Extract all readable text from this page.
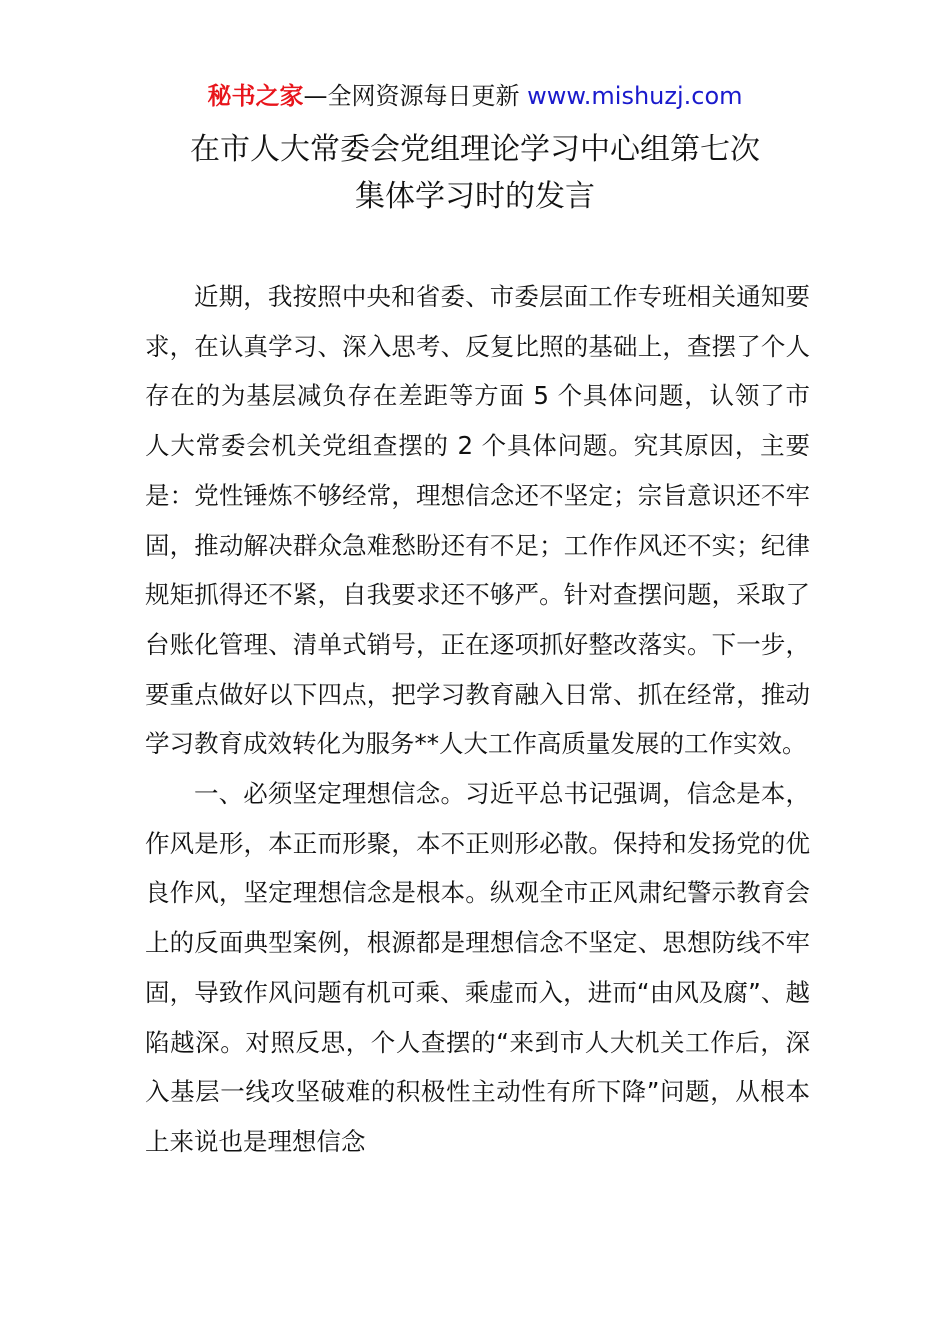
秘书之家—全网资源每日更新 www.mishuzj.com
在市人大常委会党组理论学习中心组第七次
集体学习时的发言

近期，我按照中央和省委、市委层面工作专班相关通知要求，在认真学习、深入思考、反复比照的基础上，查摆了个人存在的为基层减负存在差距等方面 5 个具体问题，认领了市人大常委会机关党组查摆的 2 个具体问题。究其原因，主要是：党性锤炼不够经常，理想信念还不坚定；宗旨意识还不牢固，推动解决群众急难愁盼还有不足；工作作风还不实；纪律规矩抓得还不紧，自我要求还不够严。针对查摆问题，采取了台账化管理、清单式销号，正在逐项抓好整改落实。下一步，要重点做好以下四点，把学习教育融入日常、抓在经常，推动学习教育成效转化为服务**人大工作高质量发展的工作实效。

一、必须坚定理想信念。习近平总书记强调，信念是本，作风是形，本正而形聚，本不正则形必散。保持和发扬党的优良作风，坚定理想信念是根本。纵观全市正风肃纪警示教育会上的反面典型案例，根源都是理想信念不坚定、思想防线不牢固，导致作风问题有机可乘、乘虚而入，进而“由风及腐”、越陷越深。对照反思，个人查摆的“来到市人大机关工作后，深入基层一线攻坚破难的积极性主动性有所下降”问题，从根本上来说也是理想信念
